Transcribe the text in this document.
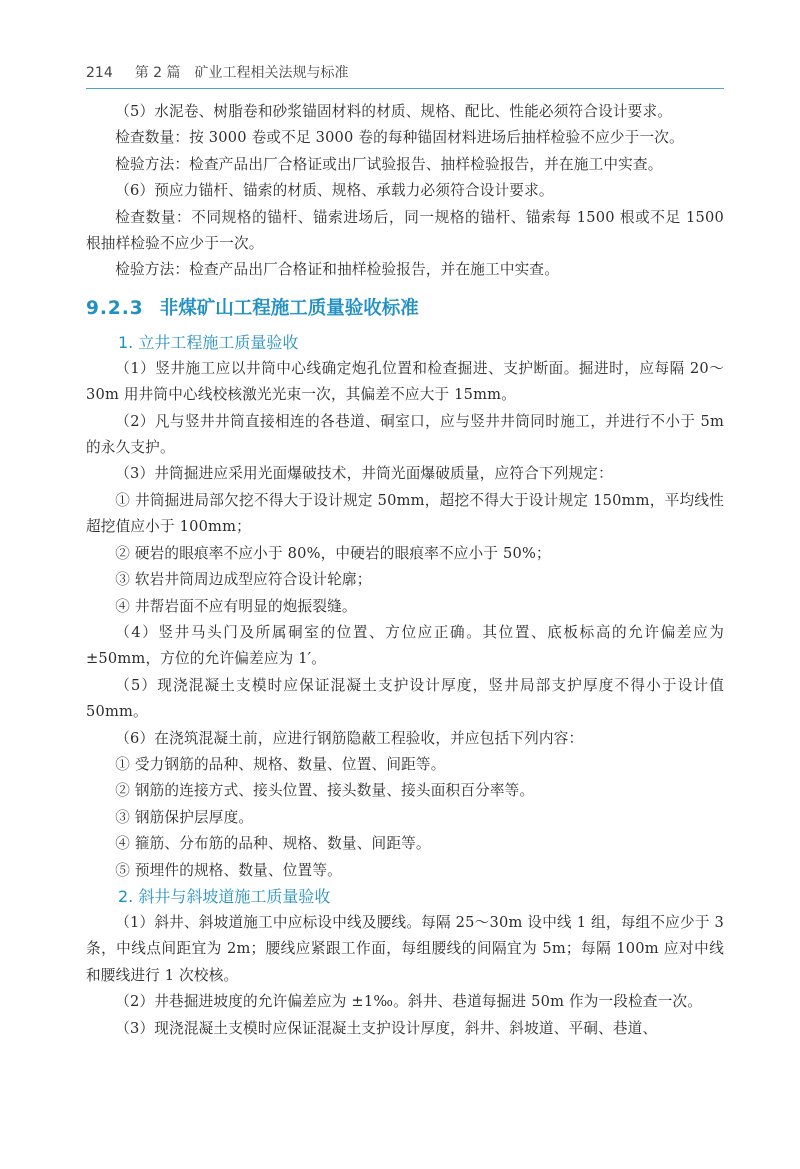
214 第 2 篇 矿业工程相关法规与标准

（5）水泥卷、树脂卷和砂浆锚固材料的材质、规格、配比、性能必须符合设计要求。

检查数量：按 3000 卷或不足 3000 卷的每种锚固材料进场后抽样检验不应少于一次。

检验方法：检查产品出厂合格证或出厂试验报告、抽样检验报告，并在施工中实查。

（6）预应力锚杆、锚索的材质、规格、承载力必须符合设计要求。

检查数量：不同规格的锚杆、锚索进场后，同一规格的锚杆、锚索每 1500 根或不足 1500 根抽样检验不应少于一次。

检验方法：检查产品出厂合格证和抽样检验报告，并在施工中实查。

9.2.3 非煤矿山工程施工质量验收标准
1. 立井工程施工质量验收

（1）竖井施工应以井筒中心线确定炮孔位置和检查掘进、支护断面。掘进时，应每隔 20～30m 用井筒中心线校核激光光束一次，其偏差不应大于 15mm。

（2）凡与竖井井筒直接相连的各巷道、硐室口，应与竖井井筒同时施工，并进行不小于 5m 的永久支护。

（3）井筒掘进应采用光面爆破技术，井筒光面爆破质量，应符合下列规定：

① 井筒掘进局部欠挖不得大于设计规定 50mm，超挖不得大于设计规定 150mm，平均线性超挖值应小于 100mm；

② 硬岩的眼痕率不应小于 80%，中硬岩的眼痕率不应小于 50%；

③ 软岩井筒周边成型应符合设计轮廓；

④ 井帮岩面不应有明显的炮振裂缝。

（4）竖井马头门及所属硐室的位置、方位应正确。其位置、底板标高的允许偏差应为 ±50mm，方位的允许偏差应为 1′。

（5）现浇混凝土支模时应保证混凝土支护设计厚度，竖井局部支护厚度不得小于设计值 50mm。

（6）在浇筑混凝土前，应进行钢筋隐蔽工程验收，并应包括下列内容：

① 受力钢筋的品种、规格、数量、位置、间距等。

② 钢筋的连接方式、接头位置、接头数量、接头面积百分率等。

③ 钢筋保护层厚度。

④ 箍筋、分布筋的品种、规格、数量、间距等。

⑤ 预埋件的规格、数量、位置等。

2. 斜井与斜坡道施工质量验收

（1）斜井、斜坡道施工中应标设中线及腰线。每隔 25～30m 设中线 1 组，每组不应少于 3 条，中线点间距宜为 2m；腰线应紧跟工作面，每组腰线的间隔宜为 5m；每隔 100m 应对中线和腰线进行 1 次校核。

（2）井巷掘进坡度的允许偏差应为 ±1‰。斜井、巷道每掘进 50m 作为一段检查一次。

（3）现浇混凝土支模时应保证混凝土支护设计厚度，斜井、斜坡道、平硐、巷道、
